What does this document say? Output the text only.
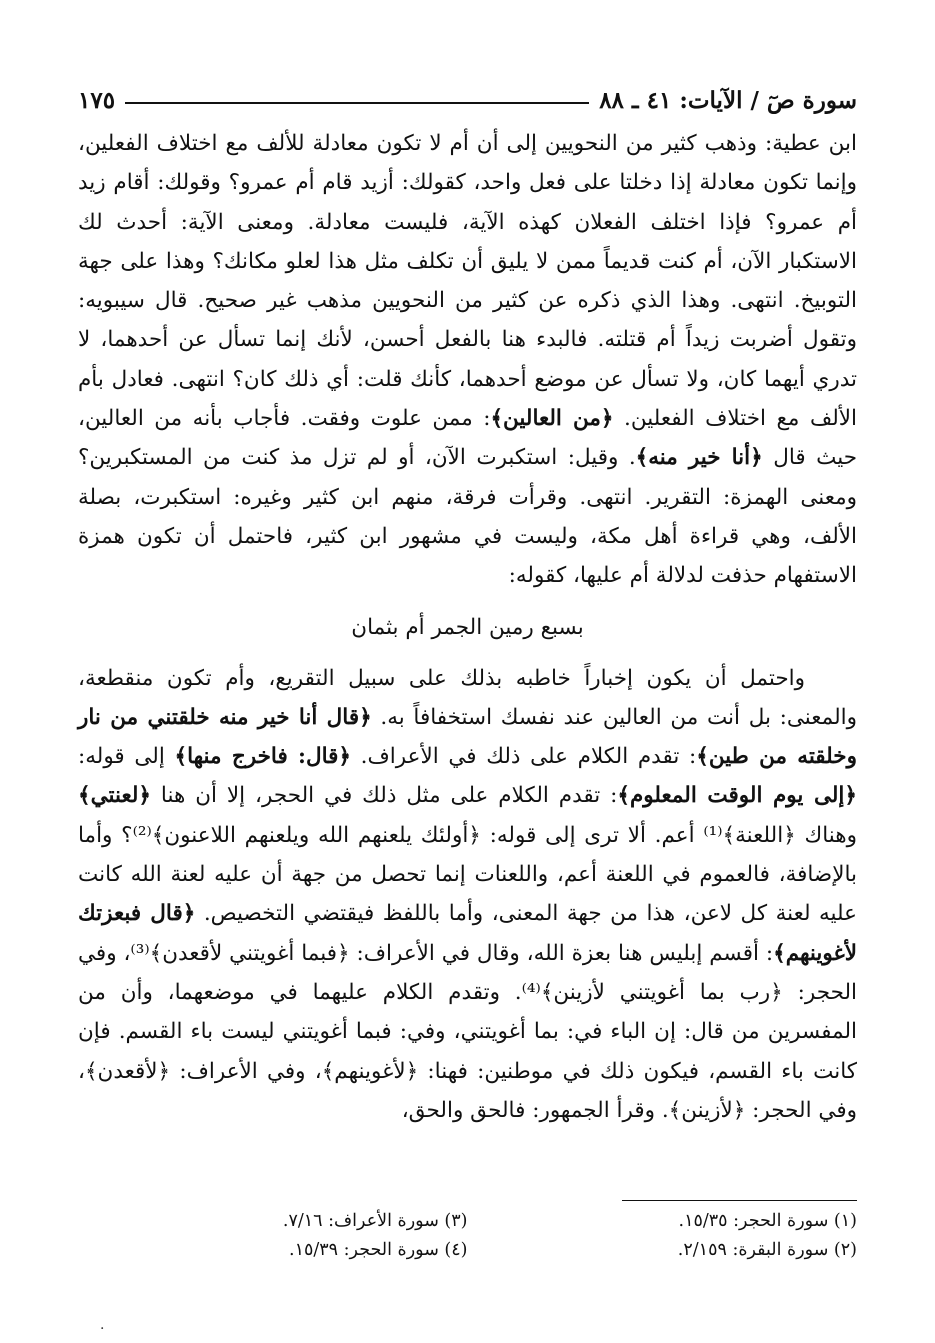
سورة صٓ / الآيات: ٤١ ـ ٨٨
١٧٥

ابن عطية: وذهب كثير من النحويين إلى أن أم لا تكون معادلة للألف مع اختلاف الفعلين، وإنما تكون معادلة إذا دخلتا على فعل واحد، كقولك: أزيد قام أم عمرو؟ وقولك: أقام زيد أم عمرو؟ فإذا اختلف الفعلان كهذه الآية، فليست معادلة. ومعنى الآية: أحدث لك الاستكبار الآن، أم كنت قديماً ممن لا يليق أن تكلف مثل هذا لعلو مكانك؟ وهذا على جهة التوبيخ. انتهى. وهذا الذي ذكره عن كثير من النحويين مذهب غير صحيح. قال سيبويه: وتقول أضربت زيداً أم قتلته. فالبدء هنا بالفعل أحسن، لأنك إنما تسأل عن أحدهما، لا تدري أيهما كان، ولا تسأل عن موضع أحدهما، كأنك قلت: أي ذلك كان؟ انتهى. فعادل بأم الألف مع اختلاف الفعلين. ﴿من العالين﴾: ممن علوت وفقت. فأجاب بأنه من العالين، حيث قال ﴿أنا خير منه﴾. وقيل: استكبرت الآن، أو لم تزل مذ كنت من المستكبرين؟ ومعنى الهمزة: التقرير. انتهى. وقرأت فرقة، منهم ابن كثير وغيره: استكبرت، بصلة الألف، وهي قراءة أهل مكة، وليست في مشهور ابن كثير، فاحتمل أن تكون همزة الاستفهام حذفت لدلالة أم عليها، كقوله:

بسبع رمين الجمر أم بثمان

واحتمل أن يكون إخباراً خاطبه بذلك على سبيل التقريع، وأم تكون منقطعة، والمعنى: بل أنت من العالين عند نفسك استخفافاً به. ﴿قال أنا خير منه خلقتني من نار وخلقته من طين﴾: تقدم الكلام على ذلك في الأعراف. ﴿قال: فاخرج منها﴾ إلى قوله: ﴿إلى يوم الوقت المعلوم﴾: تقدم الكلام على مثل ذلك في الحجر، إلا أن هنا ﴿لعنتي﴾ وهناك ﴿اللعنة﴾⁽¹⁾ أعم. ألا ترى إلى قوله: ﴿أولئك يلعنهم الله ويلعنهم اللاعنون﴾⁽²⁾؟ وأما بالإضافة، فالعموم في اللعنة أعم، واللعنات إنما تحصل من جهة أن عليه لعنة الله كانت عليه لعنة كل لاعن، هذا من جهة المعنى، وأما باللفظ فيقتضي التخصيص. ﴿قال فبعزتك لأغوينهم﴾: أقسم إبليس هنا بعزة الله، وقال في الأعراف: ﴿فبما أغويتني لأقعدن﴾⁽³⁾، وفي الحجر: ﴿رب بما أغويتني لأزينن﴾⁽⁴⁾. وتقدم الكلام عليهما في موضعهما، وأن من المفسرين من قال: إن الباء في: بما أغويتني، وفي: فبما أغويتني ليست باء القسم. فإن كانت باء القسم، فيكون ذلك في موطنين: فهنا: ﴿لأغوينهم﴾، وفي الأعراف: ﴿لأقعدن﴾، وفي الحجر: ﴿لأزينن﴾. وقرأ الجمهور: فالحق والحق،

(١) سورة الحجر: ١٥/٣٥.
(٣) سورة الأعراف: ٧/١٦.
(٢) سورة البقرة: ٢/١٥٩.
(٤) سورة الحجر: ١٥/٣٩.
·
